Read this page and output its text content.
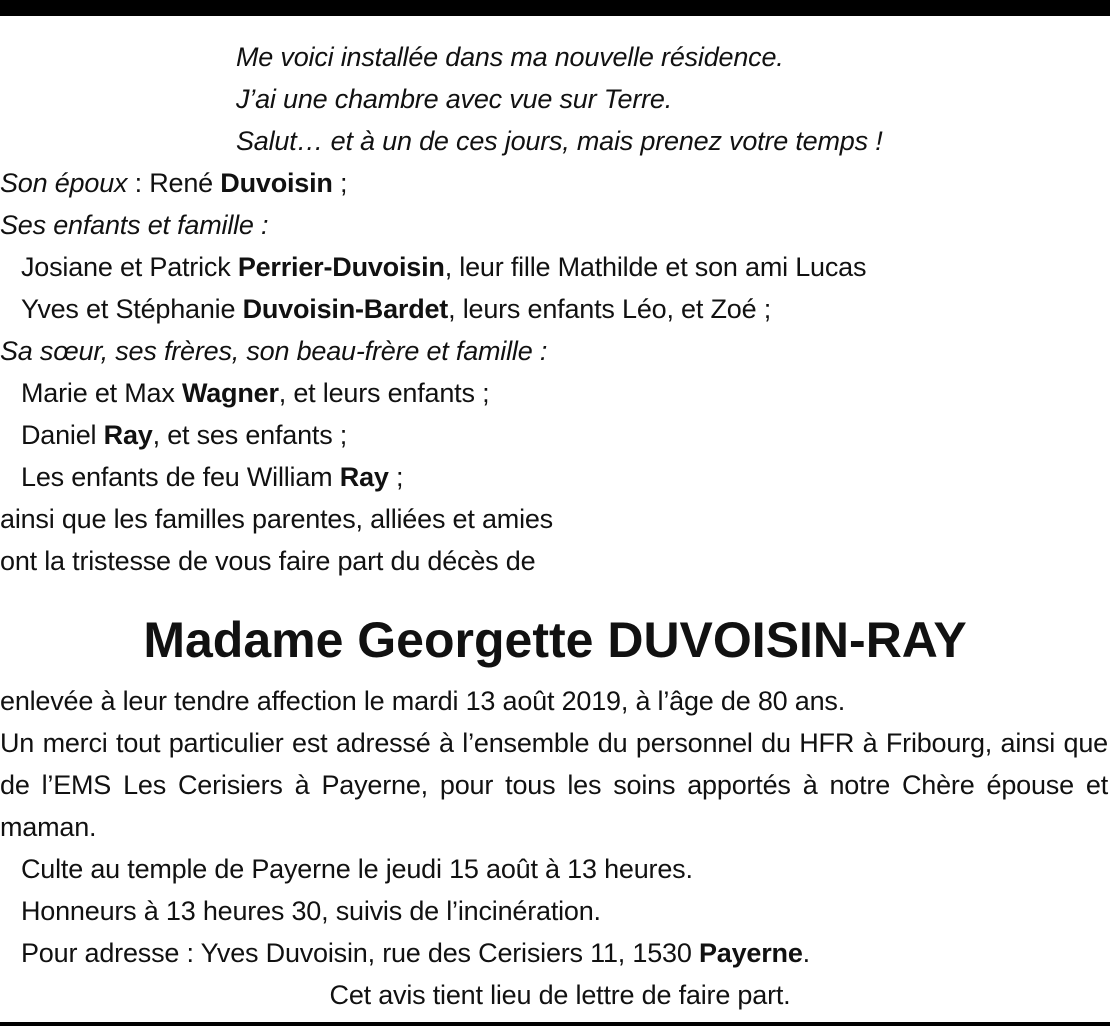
Me voici installée dans ma nouvelle résidence.
J’ai une chambre avec vue sur Terre.
Salut… et à un de ces jours, mais prenez votre temps !
Son époux : René Duvoisin ;
Ses enfants et famille :
Josiane et Patrick Perrier-Duvoisin, leur fille Mathilde et son ami Lucas
Yves et Stéphanie Duvoisin-Bardet, leurs enfants Léo, et Zoé ;
Sa sœur, ses frères, son beau-frère et famille :
Marie et Max Wagner, et leurs enfants ;
Daniel Ray, et ses enfants ;
Les enfants de feu William Ray ;
ainsi que les familles parentes, alliées et amies
ont la tristesse de vous faire part du décès de
Madame Georgette DUVOISIN-RAY
enlevée à leur tendre affection le mardi 13 août 2019, à l’âge de 80 ans.
Un merci tout particulier est adressé à l’ensemble du personnel du HFR à Fribourg, ainsi que de l’EMS Les Cerisiers à Payerne, pour tous les soins apportés à notre Chère épouse et maman.
Culte au temple de Payerne le jeudi 15 août à 13 heures.
Honneurs à 13 heures 30, suivis de l’incinération.
Pour adresse : Yves Duvoisin, rue des Cerisiers 11, 1530 Payerne.
Cet avis tient lieu de lettre de faire part.
